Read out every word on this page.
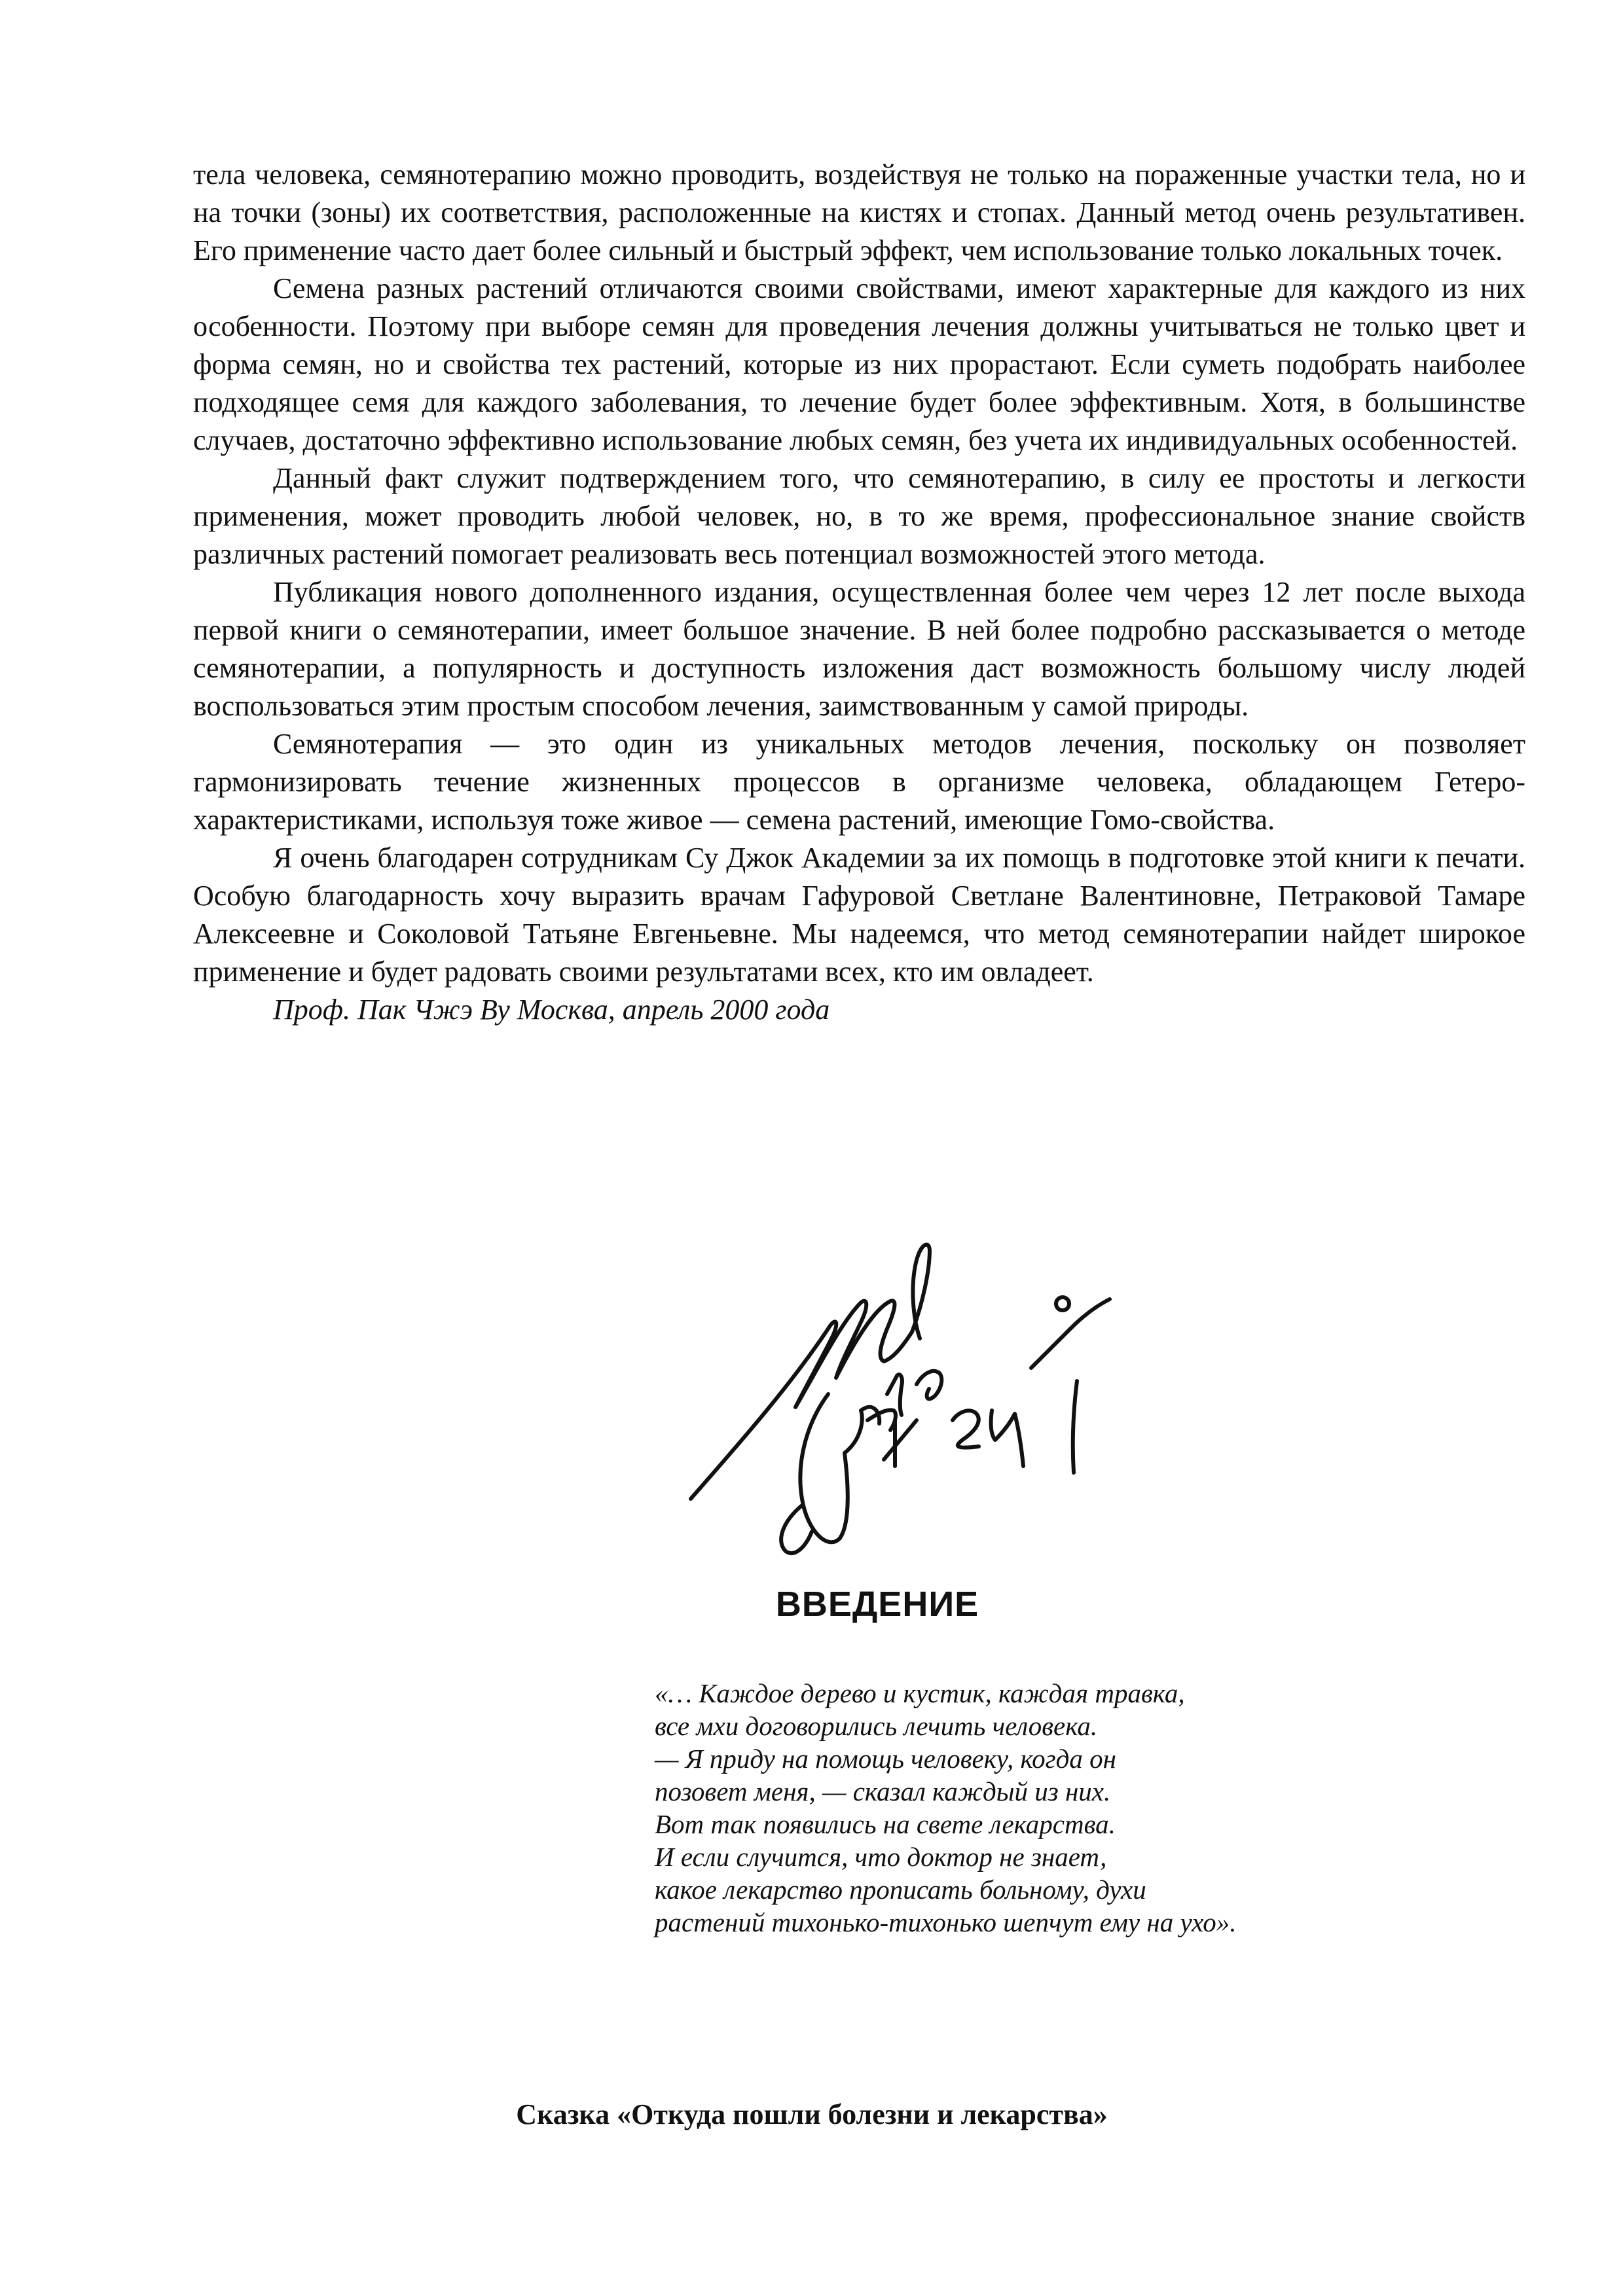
тела человека, семянотерапию можно проводить, воздействуя не только на пораженные участки тела, но и на точки (зоны) их соответствия, расположенные на кистях и стопах. Данный метод очень результативен. Его применение часто дает более сильный и быстрый эффект, чем использование только локальных точек.

Семена разных растений отличаются своими свойствами, имеют характерные для каждого из них особенности. Поэтому при выборе семян для проведения лечения должны учитываться не только цвет и форма семян, но и свойства тех растений, которые из них прорастают. Если суметь подобрать наиболее подходящее семя для каждого заболевания, то лечение будет более эффективным. Хотя, в большинстве случаев, достаточно эффективно использование любых семян, без учета их индивидуальных особенностей.

Данный факт служит подтверждением того, что семянотерапию, в силу ее простоты и легкости применения, может проводить любой человек, но, в то же время, профессиональное знание свойств различных растений помогает реализовать весь потенциал возможностей этого метода.

Публикация нового дополненного издания, осуществленная более чем через 12 лет после выхода первой книги о семянотерапии, имеет большое значение. В ней более подробно рассказывается о методе семянотерапии, а популярность и доступность изложения даст возможность большому числу людей воспользоваться этим простым способом лечения, заимствованным у самой природы.

Семянотерапия — это один из уникальных методов лечения, поскольку он позволяет гармонизировать течение жизненных процессов в организме человека, обладающем Гетеро-характеристиками, используя тоже живое — семена растений, имеющие Гомо-свойства.

Я очень благодарен сотрудникам Су Джок Академии за их помощь в подготовке этой книги к печати. Особую благодарность хочу выразить врачам Гафуровой Светлане Валентиновне, Петраковой Тамаре Алексеевне и Соколовой Татьяне Евгеньевне. Мы надеемся, что метод семянотерапии найдет широкое применение и будет радовать своими результатами всех, кто им овладеет.

Проф. Пак Чжэ Ву Москва, апрель 2000 года

ВВЕДЕНИЕ
«… Каждое дерево и кустик, каждая травка,
все мхи договорились лечить человека.
— Я приду на помощь человеку, когда он
позовет меня, — сказал каждый из них.
Вот так появились на свете лекарства.
И если случится, что доктор не знает,
какое лекарство прописать больному, духи
растений тихонько-тихонько шепчут ему на ухо».
Сказка «Откуда пошли болезни и лекарства»
